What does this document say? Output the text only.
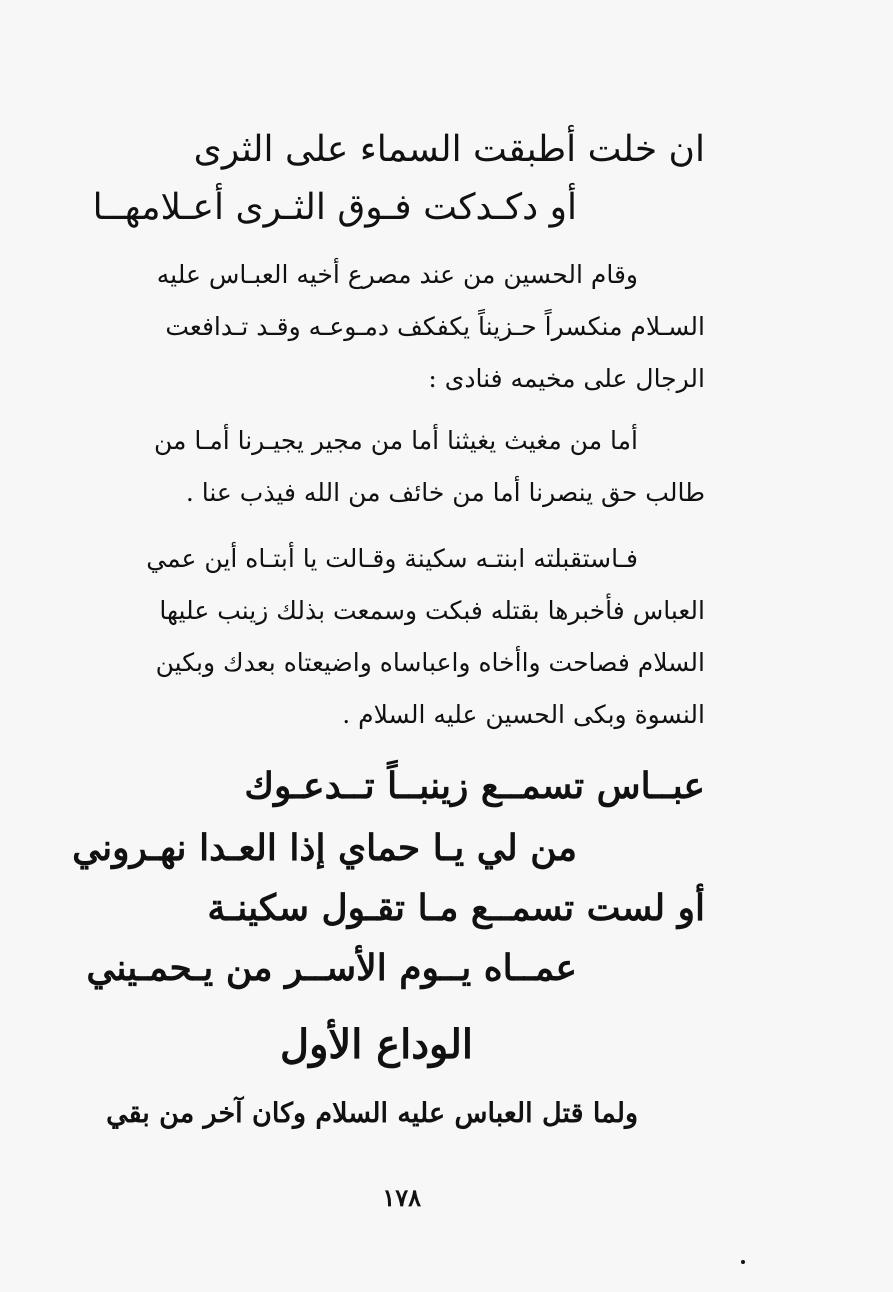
ان خلت أطبقت السماء على الثرى

أو دكـدكت فـوق الثـرى أعـلامهــا

وقام الحسين من عند مصرع أخيه العبـاس عليه

السـلام منكسراً حـزيناً يكفكف دمـوعـه وقـد تـدافعت

الرجال على مخيمه فنادى :

أما من مغيث يغيثنا أما من مجير يجيـرنا أمـا من

طالب حق ينصرنا أما من خائف من الله فيذب عنا .

فـاستقبلته ابنتـه سكينة وقـالت يا أبتـاه أين عمي

العباس فأخبرها بقتله فبكت وسمعت بذلك زينب عليها

السلام فصاحت واأخاه واعباساه واضيعتاه بعدك وبكين

النسوة وبكى الحسين عليه السلام .

عبــاس تسمــع زينبــاً تــدعـوك

من لي يـا حماي إذا العـدا نهـروني

أو لست تسمــع مـا تقـول سكينـة

عمــاه يــوم الأســر من يـحمـيني

الوداع الأول

ولما قتل العباس عليه السلام وكان آخر من بقي

١٧٨
